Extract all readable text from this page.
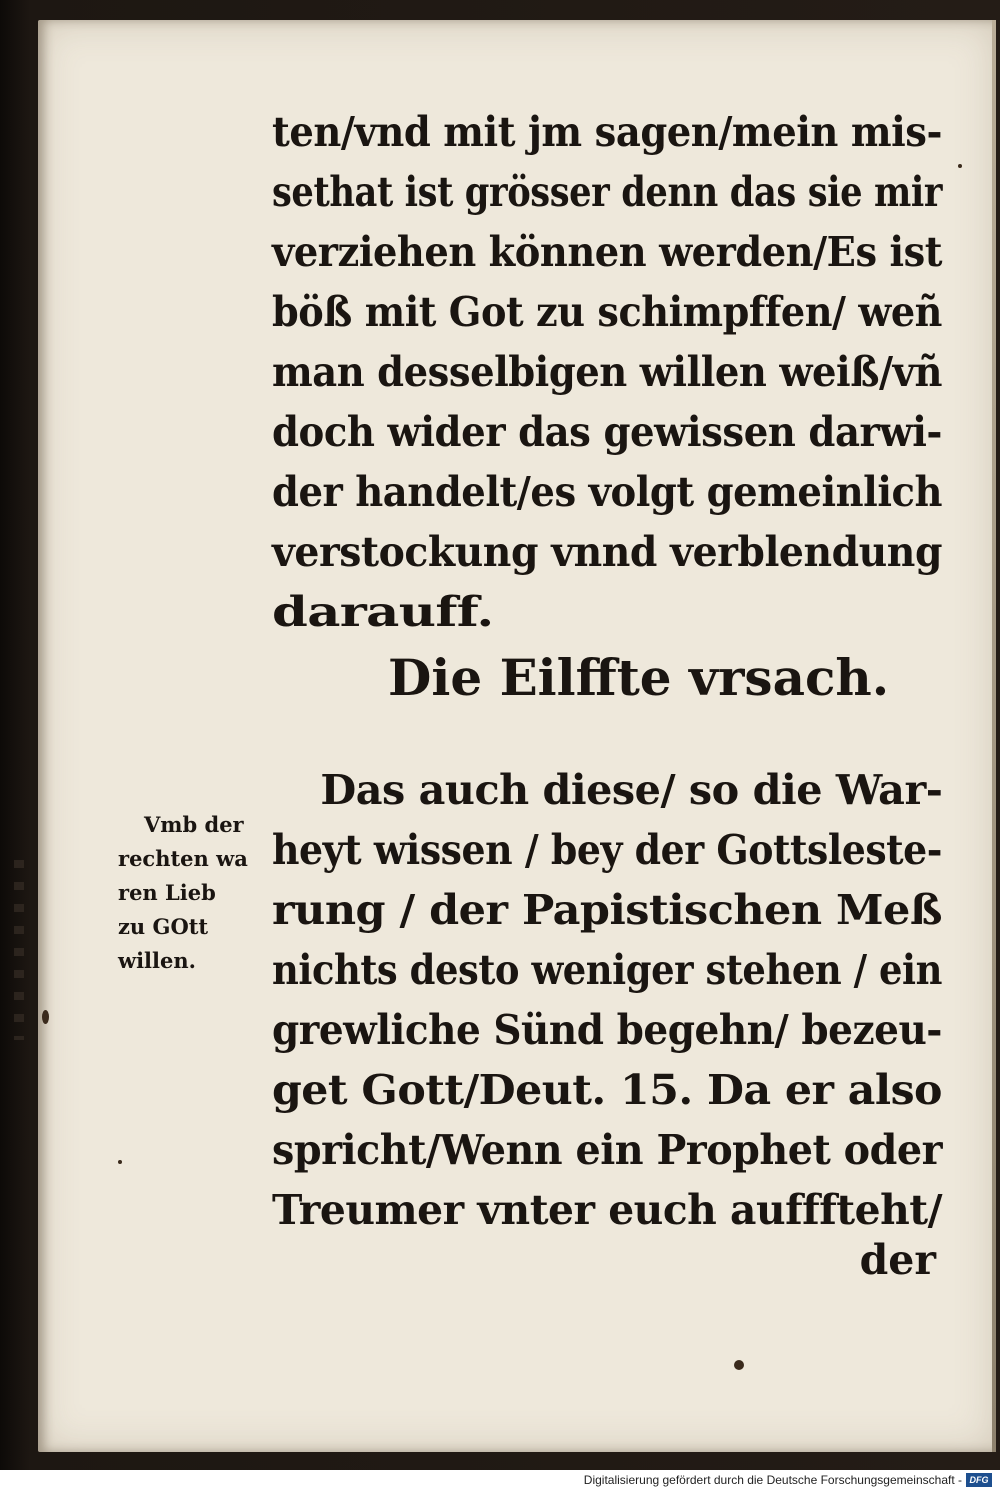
ten/vnd mit jm sagen/mein mis-
sethat ist grösser denn das sie mir
verziehen können werden/Es ist
böß mit Got zu schimpffen/ weñ
man desselbigen willen weiß/vñ
doch wider das gewissen darwi-
der handelt/es volgt gemeinlich
verstockung vnnd verblendung
darauff.
Die Eilffte vrsach.
Das auch diese/ so die War-
heyt wissen / bey der Gottsleste-
rung / der Papistischen Meß
nichts desto weniger stehen / ein
grewliche Sünd begehn/ bezeu-
get Gott/Deut. 15. Da er also
spricht/Wenn ein Prophet oder
Treumer vnter euch aufffteht/
der
Vmb der
rechten wa
ren Lieb
zu GOtt
willen.
Digitalisierung gefördert durch die Deutsche Forschungsgemeinschaft - DFG
